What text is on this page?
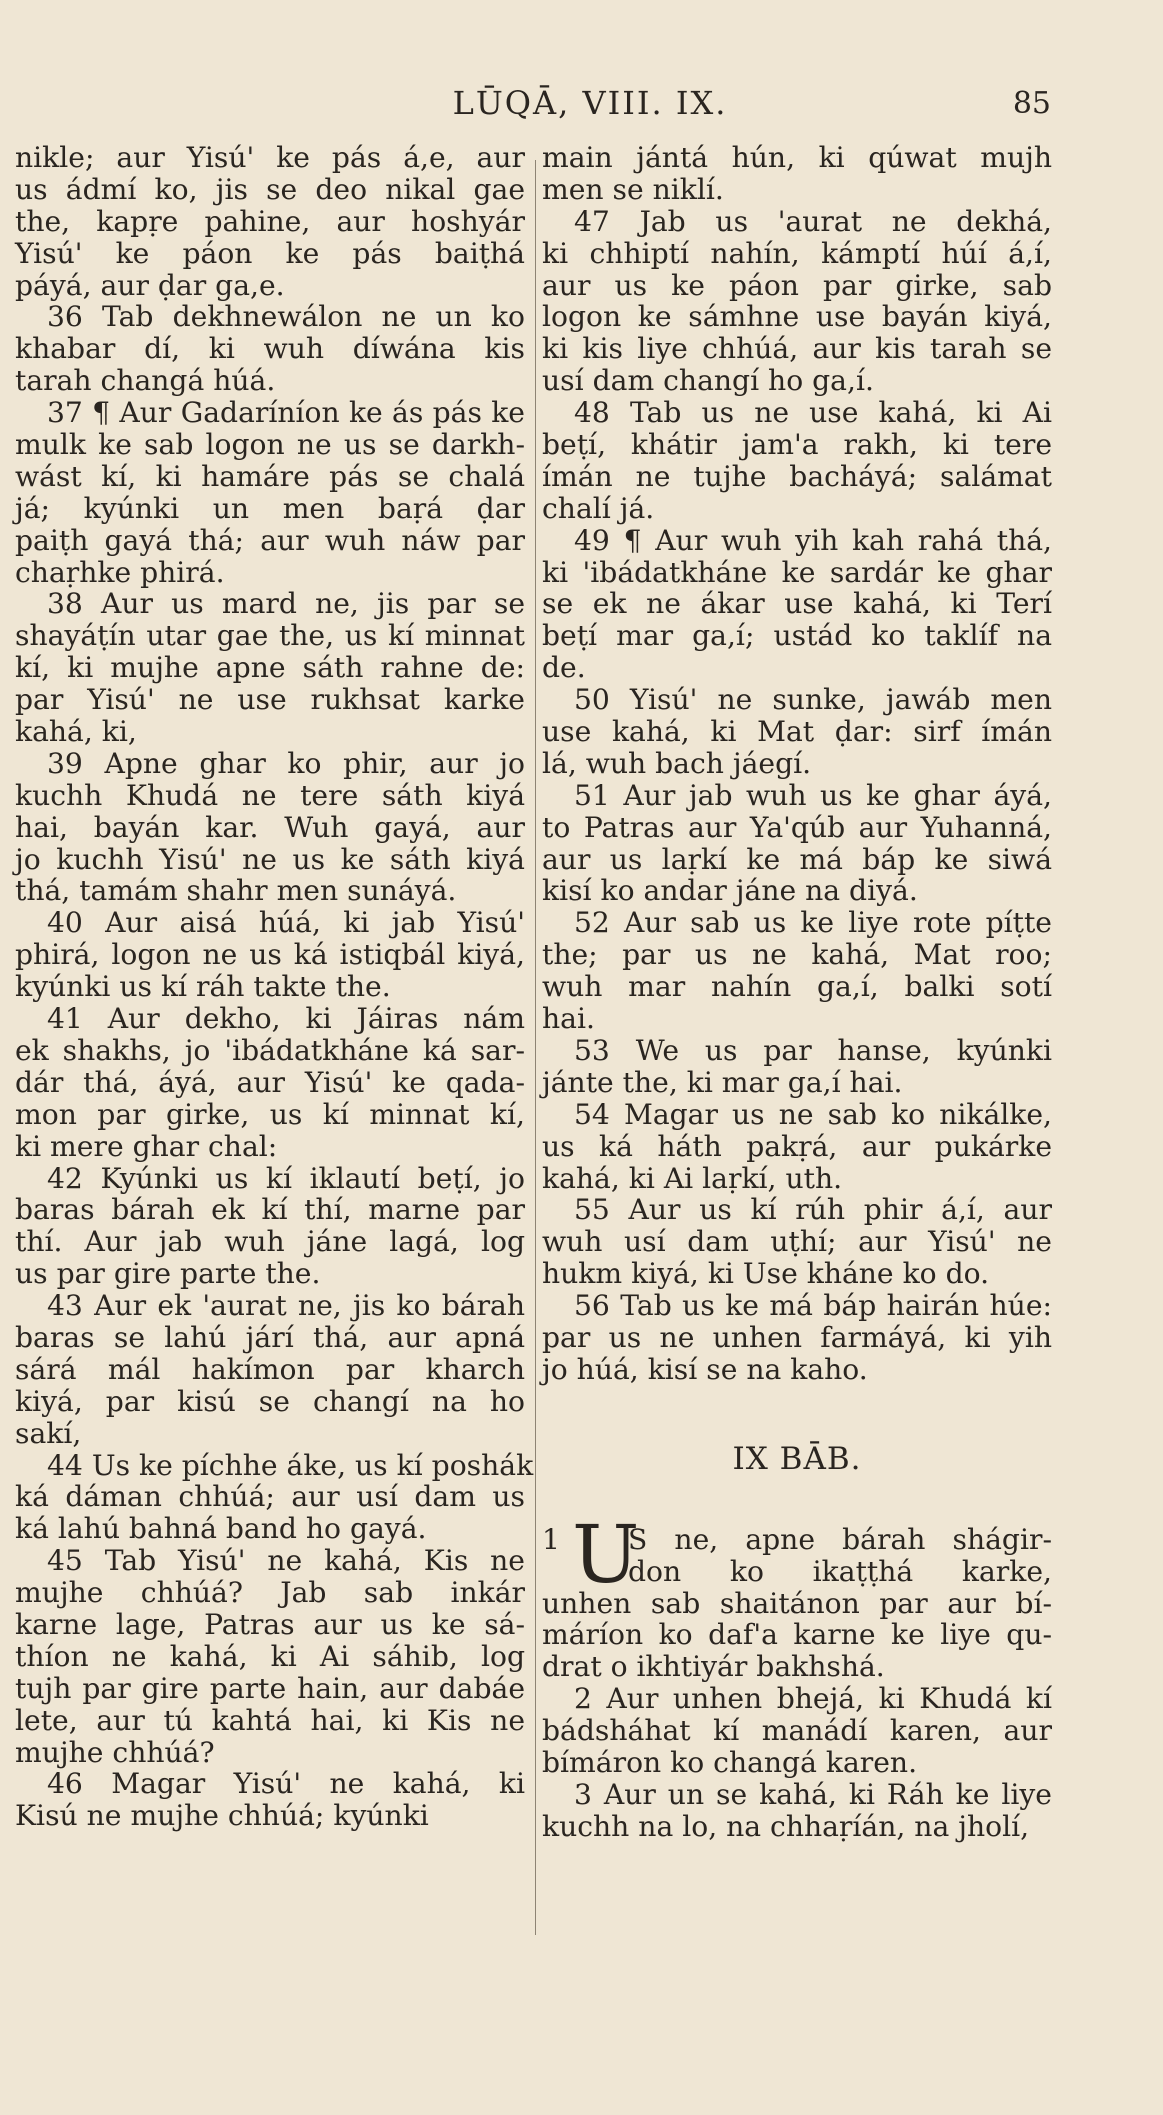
LŪQĀ, VIII. IX.	85
nikle; aur Yisú' ke pás á,e, aur
us ádmí ko, jis se deo nikal gae
the, kapṛe pahine, aur hoshyár
Yisú' ke páon ke pás baiṭhá
páyá, aur ḍar ga,e.
36 Tab dekhnewálon ne un ko
khabar dí, ki wuh díwána kis
tarah changá húá.
37 ¶ Aur Gadaríníon ke ás pás ke
mulk ke sab logon ne us se darkh-
wást kí, ki hamáre pás se chalá
já; kyúnki un men baṛá ḍar
paiṭh gayá thá; aur wuh náw par
chaṛhke phirá.
38 Aur us mard ne, jis par se
shayáṭín utar gae the, us kí minnat
kí, ki mujhe apne sáth rahne de:
par Yisú' ne use rukhsat karke
kahá, ki,
39 Apne ghar ko phir, aur jo
kuchh Khudá ne tere sáth kiyá
hai, bayán kar. Wuh gayá, aur
jo kuchh Yisú' ne us ke sáth kiyá
thá, tamám shahr men sunáyá.
40 Aur aisá húá, ki jab Yisú'
phirá, logon ne us ká istiqbál kiyá,
kyúnki us kí ráh takte the.
41 Aur dekho, ki Jáiras nám
ek shakhs, jo 'ibádatkháne ká sar-
dár thá, áyá, aur Yisú' ke qada-
mon par girke, us kí minnat kí,
ki mere ghar chal:
42 Kyúnki us kí iklautí beṭí, jo
baras bárah ek kí thí, marne par
thí. Aur jab wuh jáne lagá, log
us par gire parte the.
43 Aur ek 'aurat ne, jis ko bárah
baras se lahú járí thá, aur apná
sárá mál hakímon par kharch
kiyá, par kisú se changí na ho
sakí,
44 Us ke píchhe áke, us kí poshák
ká dáman chhúá; aur usí dam us
ká lahú bahná band ho gayá.
45 Tab Yisú' ne kahá, Kis ne
mujhe chhúá? Jab sab inkár
karne lage, Patras aur us ke sá-
thíon ne kahá, ki Ai sáhib, log
tujh par gire parte hain, aur dabáe
lete, aur tú kahtá hai, ki Kis ne
mujhe chhúá?
46 Magar Yisú' ne kahá, ki
Kisú ne mujhe chhúá; kyúnki
main jántá hún, ki qúwat mujh
men se niklí.
47 Jab us 'aurat ne dekhá,
ki chhiptí nahín, kámptí húí á,í,
aur us ke páon par girke, sab
logon ke sámhne use bayán kiyá,
ki kis liye chhúá, aur kis tarah se
usí dam changí ho ga,í.
48 Tab us ne use kahá, ki Ai
beṭí, khátir jam'a rakh, ki tere
ímán ne tujhe bacháyá; salámat
chalí já.
49 ¶ Aur wuh yih kah rahá thá,
ki 'ibádatkháne ke sardár ke ghar
se ek ne ákar use kahá, ki Terí
beṭí mar ga,í; ustád ko taklíf na
de.
50 Yisú' ne sunke, jawáb men
use kahá, ki Mat ḍar: sirf ímán
lá, wuh bach jáegí.
51 Aur jab wuh us ke ghar áyá,
to Patras aur Ya'qúb aur Yuhanná,
aur us laṛkí ke má báp ke siwá
kisí ko andar jáne na diyá.
52 Aur sab us ke liye rote píṭte
the; par us ne kahá, Mat roo;
wuh mar nahín ga,í, balki sotí
hai.
53 We us par hanse, kyúnki
jánte the, ki mar ga,í hai.
54 Magar us ne sab ko nikálke,
us ká háth pakṛá, aur pukárke
kahá, ki Ai laṛkí, uth.
55 Aur us kí rúh phir á,í, aur
wuh usí dam uṭhí; aur Yisú' ne
hukm kiyá, ki Use kháne ko do.
56 Tab us ke má báp hairán húe:
par us ne unhen farmáyá, ki yih
jo húá, kisí se na kaho.
IX BĀB.
1 U
S ne, apne bárah shágir-
don ko ikaṭṭhá karke,
unhen sab shaitánon par aur bí-
máríon ko daf'a karne ke liye qu-
drat o ikhtiyár bakhshá.
2 Aur unhen bhejá, ki Khudá kí
bádsháhat kí manádí karen, aur
bímáron ko changá karen.
3 Aur un se kahá, ki Ráh ke liye
kuchh na lo, na chhaṛíán, na jholí,
